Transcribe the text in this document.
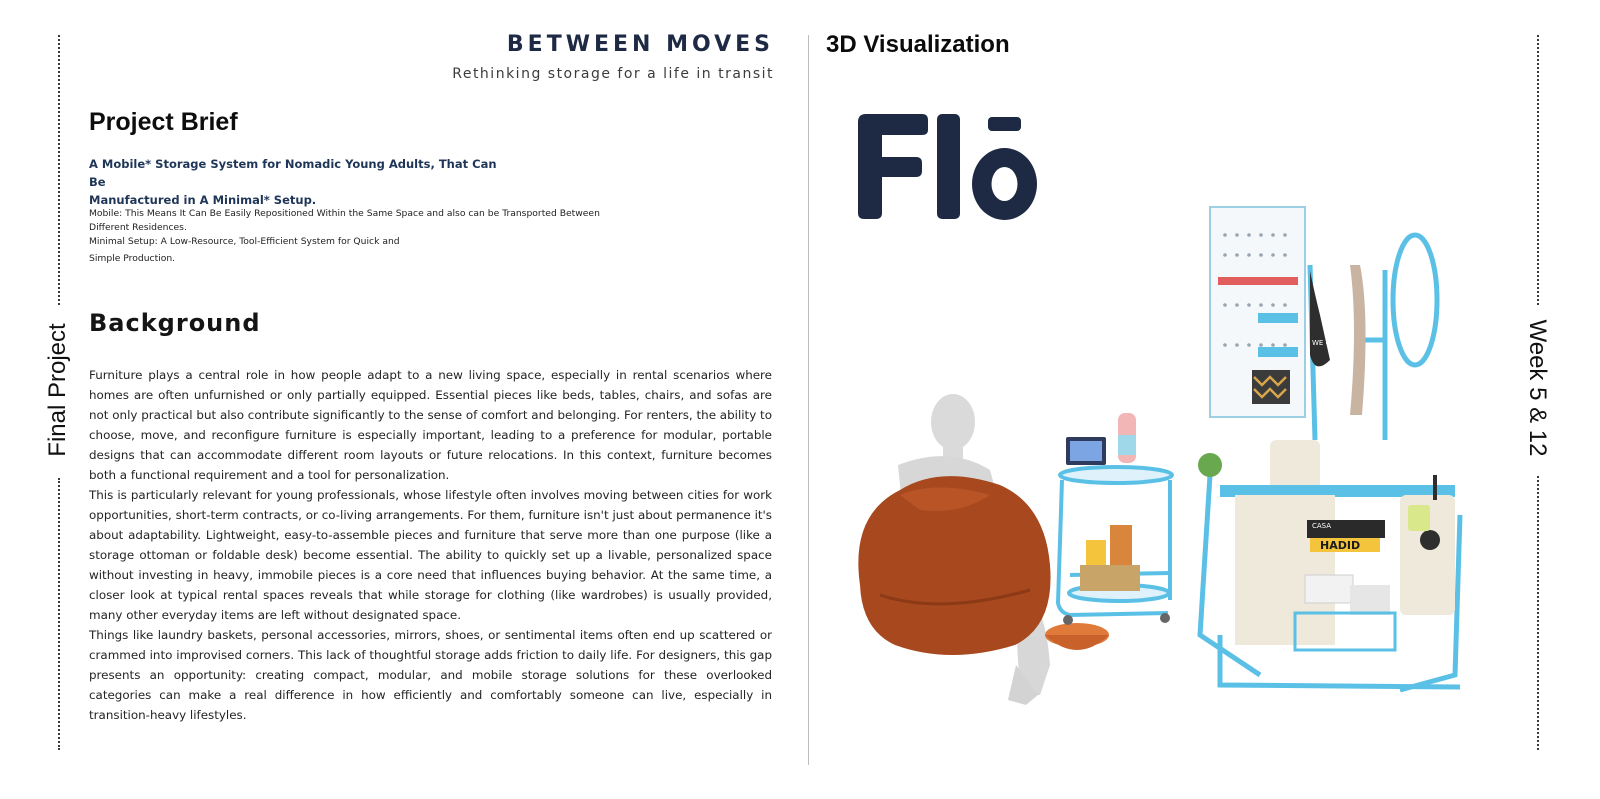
Final Project	Week 5 & 12
BETWEEN MOVES
Rethinking storage for a life in transit
Project Brief
A Mobile* Storage System for Nomadic Young Adults, That Can Be
Manufactured in A Minimal* Setup.

Mobile: This Means It Can Be Easily Repositioned Within the Same Space and also can be Transported Between

Different Residences.

Minimal Setup: A Low-Resource, Tool-Efficient System for Quick and

Simple Production.

Background

Furniture plays a central role in how people adapt to a new living space, especially in rental scenarios where homes are often unfurnished or only partially equipped. Essential pieces like beds, tables, chairs, and sofas are not only practical but also contribute significantly to the sense of comfort and belonging. For renters, the ability to choose, move, and reconfigure furniture is especially important, leading to a preference for modular, portable designs that can accommodate different room layouts or future relocations. In this context, furniture becomes both a functional requirement and a tool for personalization.

This is particularly relevant for young professionals, whose lifestyle often involves moving between cities for work opportunities, short-term contracts, or co-living arrangements. For them, furniture isn't just about permanence it's about adaptability. Lightweight, easy-to-assemble pieces and furniture that serve more than one purpose (like a storage ottoman or foldable desk) become essential. The ability to quickly set up a livable, personalized space without investing in heavy, immobile pieces is a core need that influences buying behavior. At the same time, a closer look at typical rental spaces reveals that while storage for clothing (like wardrobes) is usually provided, many other everyday items are left without designated space.

Things like laundry baskets, personal accessories, mirrors, shoes, or sentimental items often end up scattered or crammed into improvised corners. This lack of thoughtful storage adds friction to daily life. For designers, this gap presents an opportunity: creating compact, modular, and mobile storage solutions for these overlooked categories can make a real difference in how efficiently and comfortably someone can live, especially in transition-heavy lifestyles.

3D Visualization
WE GOT IT
CASA
HADID
